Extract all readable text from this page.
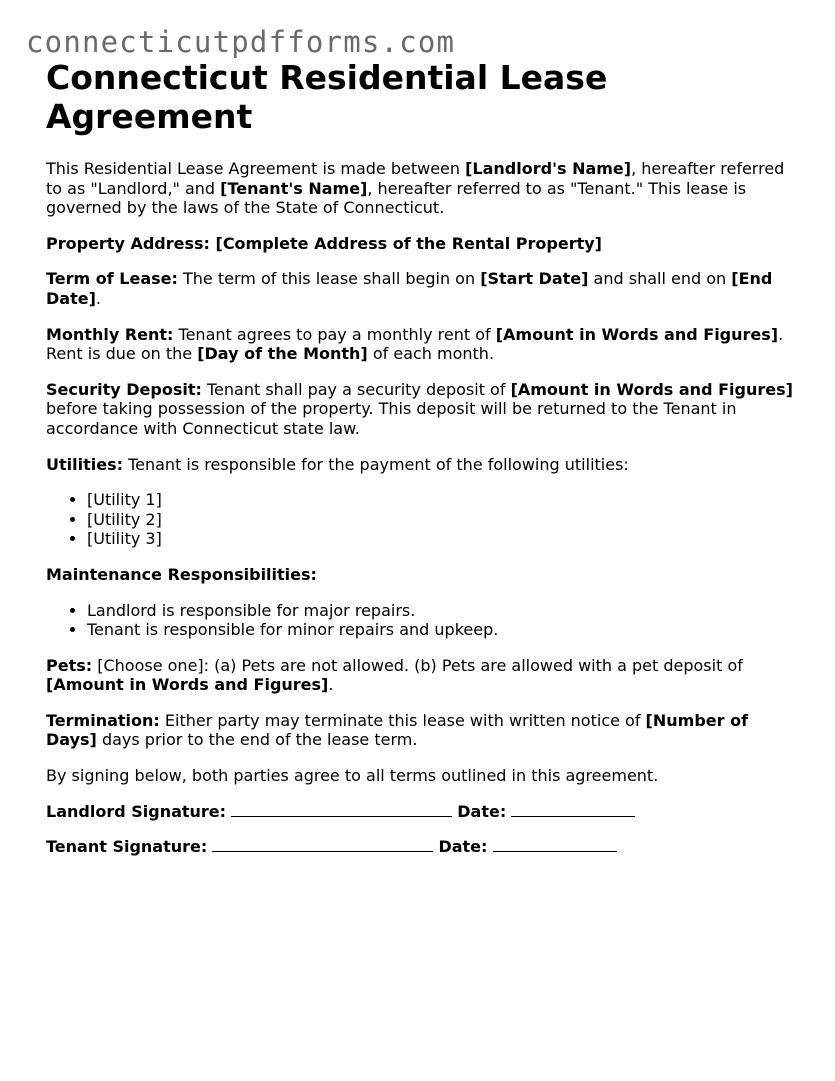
connecticutpdfforms.com
Connecticut Residential Lease Agreement

This Residential Lease Agreement is made between [Landlord's Name], hereafter referred to as "Landlord," and [Tenant's Name], hereafter referred to as "Tenant." This lease is governed by the laws of the State of Connecticut.

Property Address: [Complete Address of the Rental Property]

Term of Lease: The term of this lease shall begin on [Start Date] and shall end on [End Date].

Monthly Rent: Tenant agrees to pay a monthly rent of [Amount in Words and Figures]. Rent is due on the [Day of the Month] of each month.

Security Deposit: Tenant shall pay a security deposit of [Amount in Words and Figures] before taking possession of the property. This deposit will be returned to the Tenant in accordance with Connecticut state law.

Utilities: Tenant is responsible for the payment of the following utilities:

• [Utility 1]
• [Utility 2]
• [Utility 3]

Maintenance Responsibilities:

• Landlord is responsible for major repairs.
• Tenant is responsible for minor repairs and upkeep.

Pets: [Choose one]: (a) Pets are not allowed. (b) Pets are allowed with a pet deposit of [Amount in Words and Figures].

Termination: Either party may terminate this lease with written notice of [Number of Days] days prior to the end of the lease term.

By signing below, both parties agree to all terms outlined in this agreement.

Landlord Signature:	Date:

Tenant Signature:	Date:
